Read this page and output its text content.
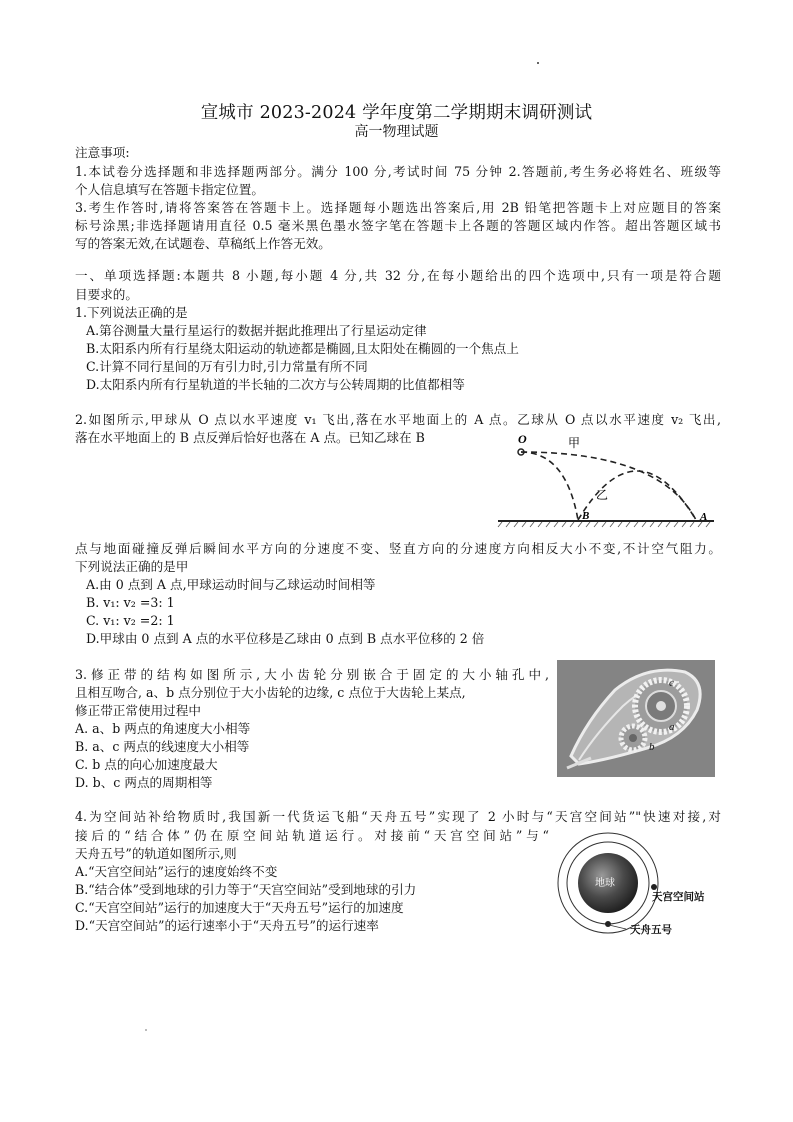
宣城市 2023-2024 学年度第二学期期末调研测试
高一物理试题
注意事项:
1.本试卷分选择题和非选择题两部分。满分 100 分,考试时间 75 分钟 2.答题前,考生务必将姓名、班级等
个人信息填写在答题卡指定位置。
3.考生作答时,请将答案答在答题卡上。选择题每小题选出答案后,用 2B 铅笔把答题卡上对应题目的答案
标号涂黑;非选择题请用直径 0.5 毫米黑色墨水签字笔在答题卡上各题的答题区域内作答。超出答题区域书
写的答案无效,在试题卷、草稿纸上作答无效。
一、单项选择题:本题共 8 小题,每小题 4 分,共 32 分,在每小题给出的四个选项中,只有一项是符合题
目要求的。
1.下列说法正确的是
A.第谷测量大量行星运行的数据并据此推理出了行星运动定律
B.太阳系内所有行星绕太阳运动的轨迹都是椭圆,且太阳处在椭圆的一个焦点上
C.计算不同行星间的万有引力时,引力常量有所不同
D.太阳系内所有行星轨道的半长轴的二次方与公转周期的比值都相等
2.如图所示,甲球从 O 点以水平速度 v₁ 飞出,落在水平地面上的 A 点。乙球从 O 点以水平速度 v₂ 飞出,
落在水平地面上的 B 点反弹后恰好也落在 A 点。已知乙球在 B	O	甲
乙
B	A
点与地面碰撞反弹后瞬间水平方向的分速度不变、竖直方向的分速度方向相反大小不变,不计空气阻力。
下列说法正确的是甲
A.由 0 点到 A 点,甲球运动时间与乙球运动时间相等
B. v₁: v₂ =3: 1
C. v₁: v₂ =2: 1
D.甲球由 0 点到 A 点的水平位移是乙球由 0 点到 B 点水平位移的 2 倍
3.修正带的结构如图所示,大小齿轮分别嵌合于固定的大小轴孔中,
且相互吻合, a、b 点分别位于大小齿轮的边缘, c 点位于大齿轮上某点,
修正带正常使用过程中
A. a、b 两点的角速度大小相等
B. a、c 两点的线速度大小相等
C. b 点的向心加速度最大
D. b、c 两点的周期相等
c
a
b
4.为空间站补给物质时,我国新一代货运飞船“天舟五号”实现了 2 小时与“天宫空间站”"快速对接,对
接后的“结合体”仍在原空间站轨道运行。对接前“天宫空间站”与“
天舟五号”的轨道如图所示,则
A.“天宫空间站”运行的速度始终不变
B.“结合体”受到地球的引力等于“天宫空间站”受到地球的引力
C.“天宫空间站”运行的加速度大于“天舟五号”运行的加速度
D.“天宫空间站”的运行速率小于“天舟五号”的运行速率
地球
天宫空间站
天舟五号
